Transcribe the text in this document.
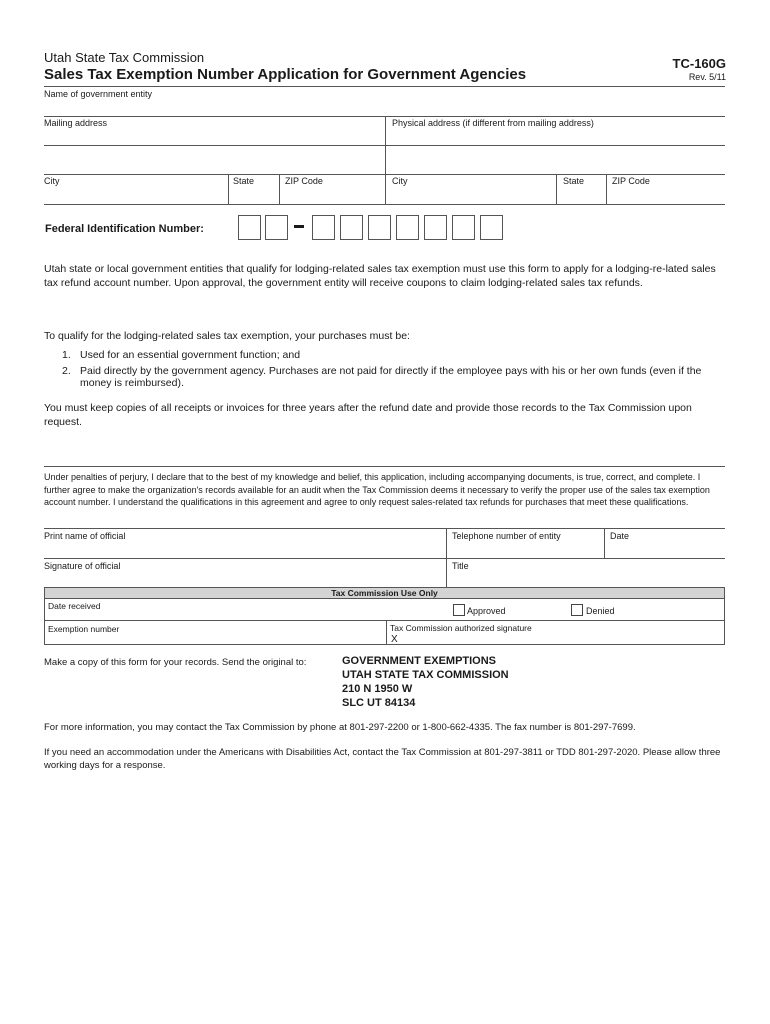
Utah State Tax Commission
Sales Tax Exemption Number Application for Government Agencies
TC-160G
Rev. 5/11
Name of government entity
Mailing address	Physical address (if different from mailing address)
City	State	ZIP Code	City	State	ZIP Code
Federal Identification Number:
Utah state or local government entities that qualify for lodging-related sales tax exemption must use this form to apply for a lodging-re-lated sales tax refund account number. Upon approval, the government entity will receive coupons to claim lodging-related sales tax refunds.
To qualify for the lodging-related sales tax exemption, your purchases must be:
1. Used for an essential government function; and
2. Paid directly by the government agency. Purchases are not paid for directly if the employee pays with his or her own funds (even if the money is reimbursed).
You must keep copies of all receipts or invoices for three years after the refund date and provide those records to the Tax Commission upon request.
Under penalties of perjury, I declare that to the best of my knowledge and belief, this application, including accompanying documents, is true, correct, and complete. I further agree to make the organization's records available for an audit when the Tax Commission deems it necessary to verify the proper use of the sales tax exemption account number. I understand the qualifications in this agreement and agree to only request sales-related tax refunds for purchases that meet these qualifications.
Print name of official	Telephone number of entity	Date
Signature of official	Title
Tax Commission Use Only
Date received	Approved	Denied
Exemption number	Tax Commission authorized signature
X
Make a copy of this form for your records. Send the original to:	GOVERNMENT EXEMPTIONS
UTAH STATE TAX COMMISSION
210 N 1950 W
SLC UT 84134
For more information, you may contact the Tax Commission by phone at 801-297-2200 or 1-800-662-4335. The fax number is 801-297-7699.
If you need an accommodation under the Americans with Disabilities Act, contact the Tax Commission at 801-297-3811 or TDD 801-297-2020. Please allow three working days for a response.
